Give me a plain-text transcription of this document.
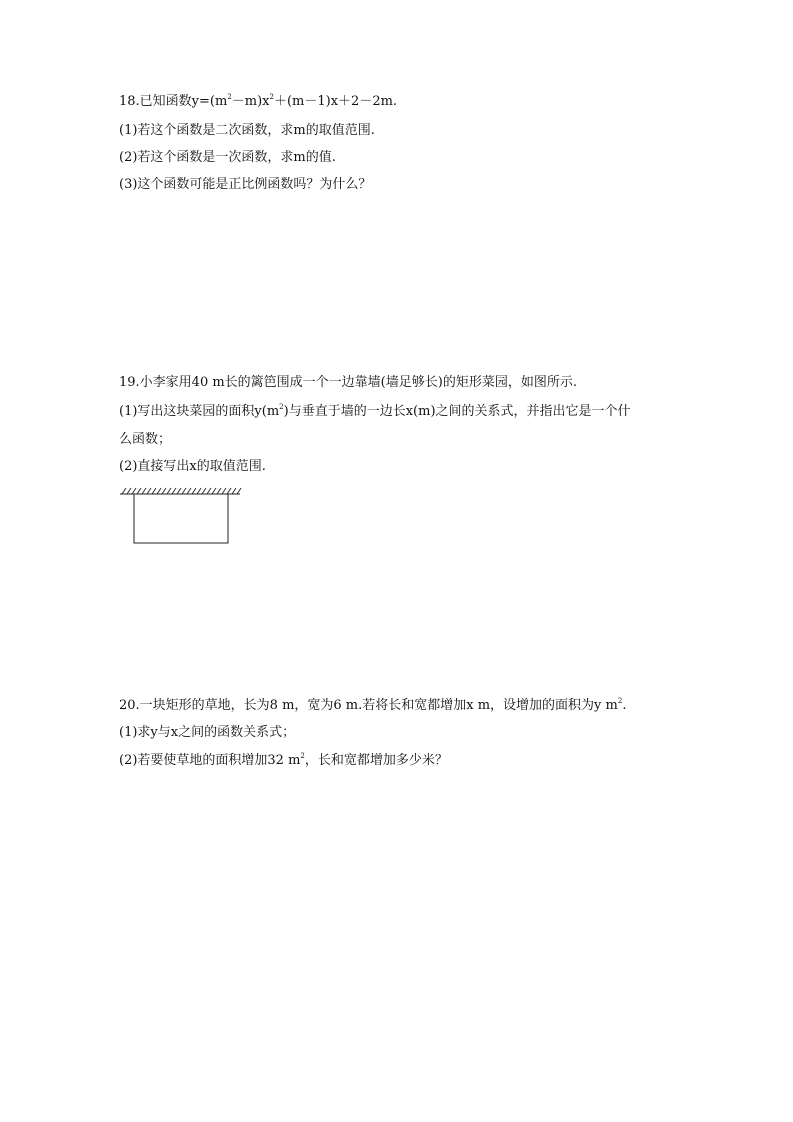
18.已知函数$y=(m^2-m)x^2+(m-1)x+2-2m$.
(1)若这个函数是二次函数，求m的取值范围.
(2)若这个函数是一次函数，求m的值.
(3)这个函数可能是正比例函数吗？为什么？
19.小李家用40 m长的篱笆围成一个一边靠墙(墙足够长)的矩形菜园，如图所示.
(1)写出这块菜园的面积$y(m^2)$与垂直于墙的一边长x(m)之间的关系式，并指出它是一个什
么函数；
(2)直接写出x的取值范围.
20.一块矩形的草地，长为8 m，宽为6 m.若将长和宽都增加x m，设增加的面积为y $m^2$.
(1)求y与x之间的函数关系式；
(2)若要使草地的面积增加32 $m^2$，长和宽都增加多少米？
